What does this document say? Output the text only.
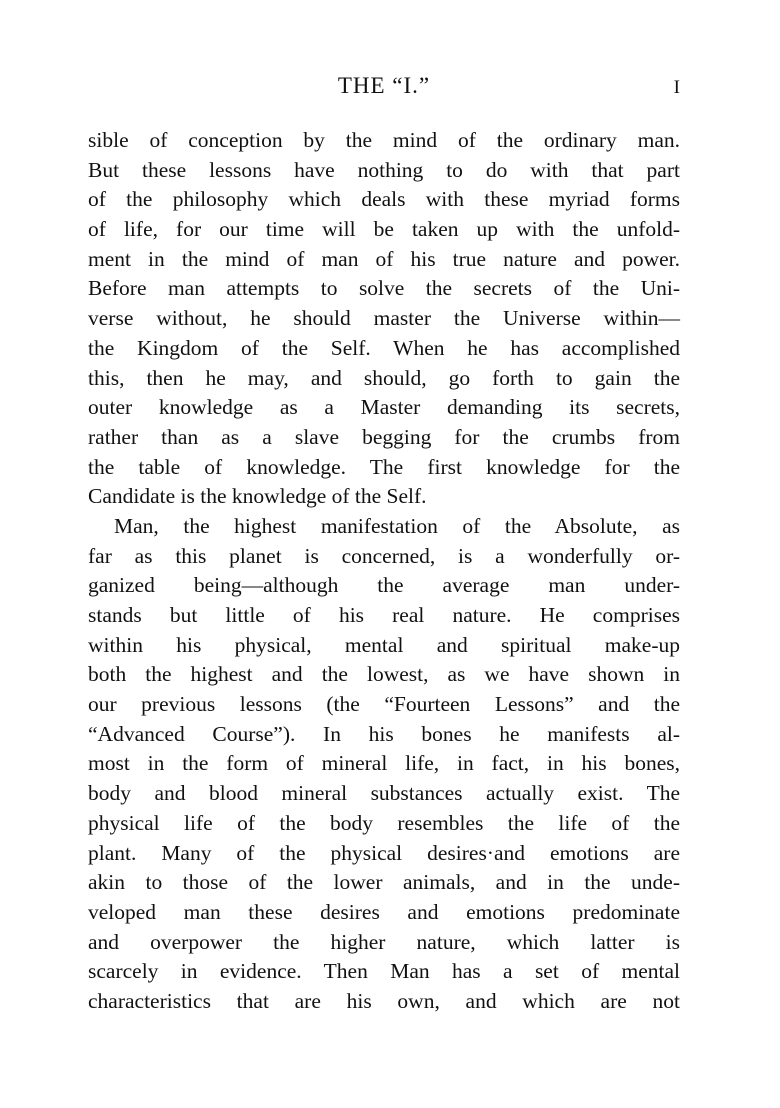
THE “I.”	I
sible of conception by the mind of the ordinary man.
But these lessons have nothing to do with that part
of the philosophy which deals with these myriad forms
of life, for our time will be taken up with the unfold-
ment in the mind of man of his true nature and power.
Before man attempts to solve the secrets of the Uni-
verse without, he should master the Universe within—
the Kingdom of the Self. When he has accomplished
this, then he may, and should, go forth to gain the
outer knowledge as a Master demanding its secrets,
rather than as a slave begging for the crumbs from
the table of knowledge. The first knowledge for the
Candidate is the knowledge of the Self.
Man, the highest manifestation of the Absolute, as
far as this planet is concerned, is a wonderfully or-
ganized being—although the average man under-
stands but little of his real nature. He comprises
within his physical, mental and spiritual make-up
both the highest and the lowest, as we have shown in
our previous lessons (the “Fourteen Lessons” and the
“Advanced Course”). In his bones he manifests al-
most in the form of mineral life, in fact, in his bones,
body and blood mineral substances actually exist. The
physical life of the body resembles the life of the
plant. Many of the physical desires·and emotions are
akin to those of the lower animals, and in the unde-
veloped man these desires and emotions predominate
and overpower the higher nature, which latter is
scarcely in evidence. Then Man has a set of mental
characteristics that are his own, and which are not
